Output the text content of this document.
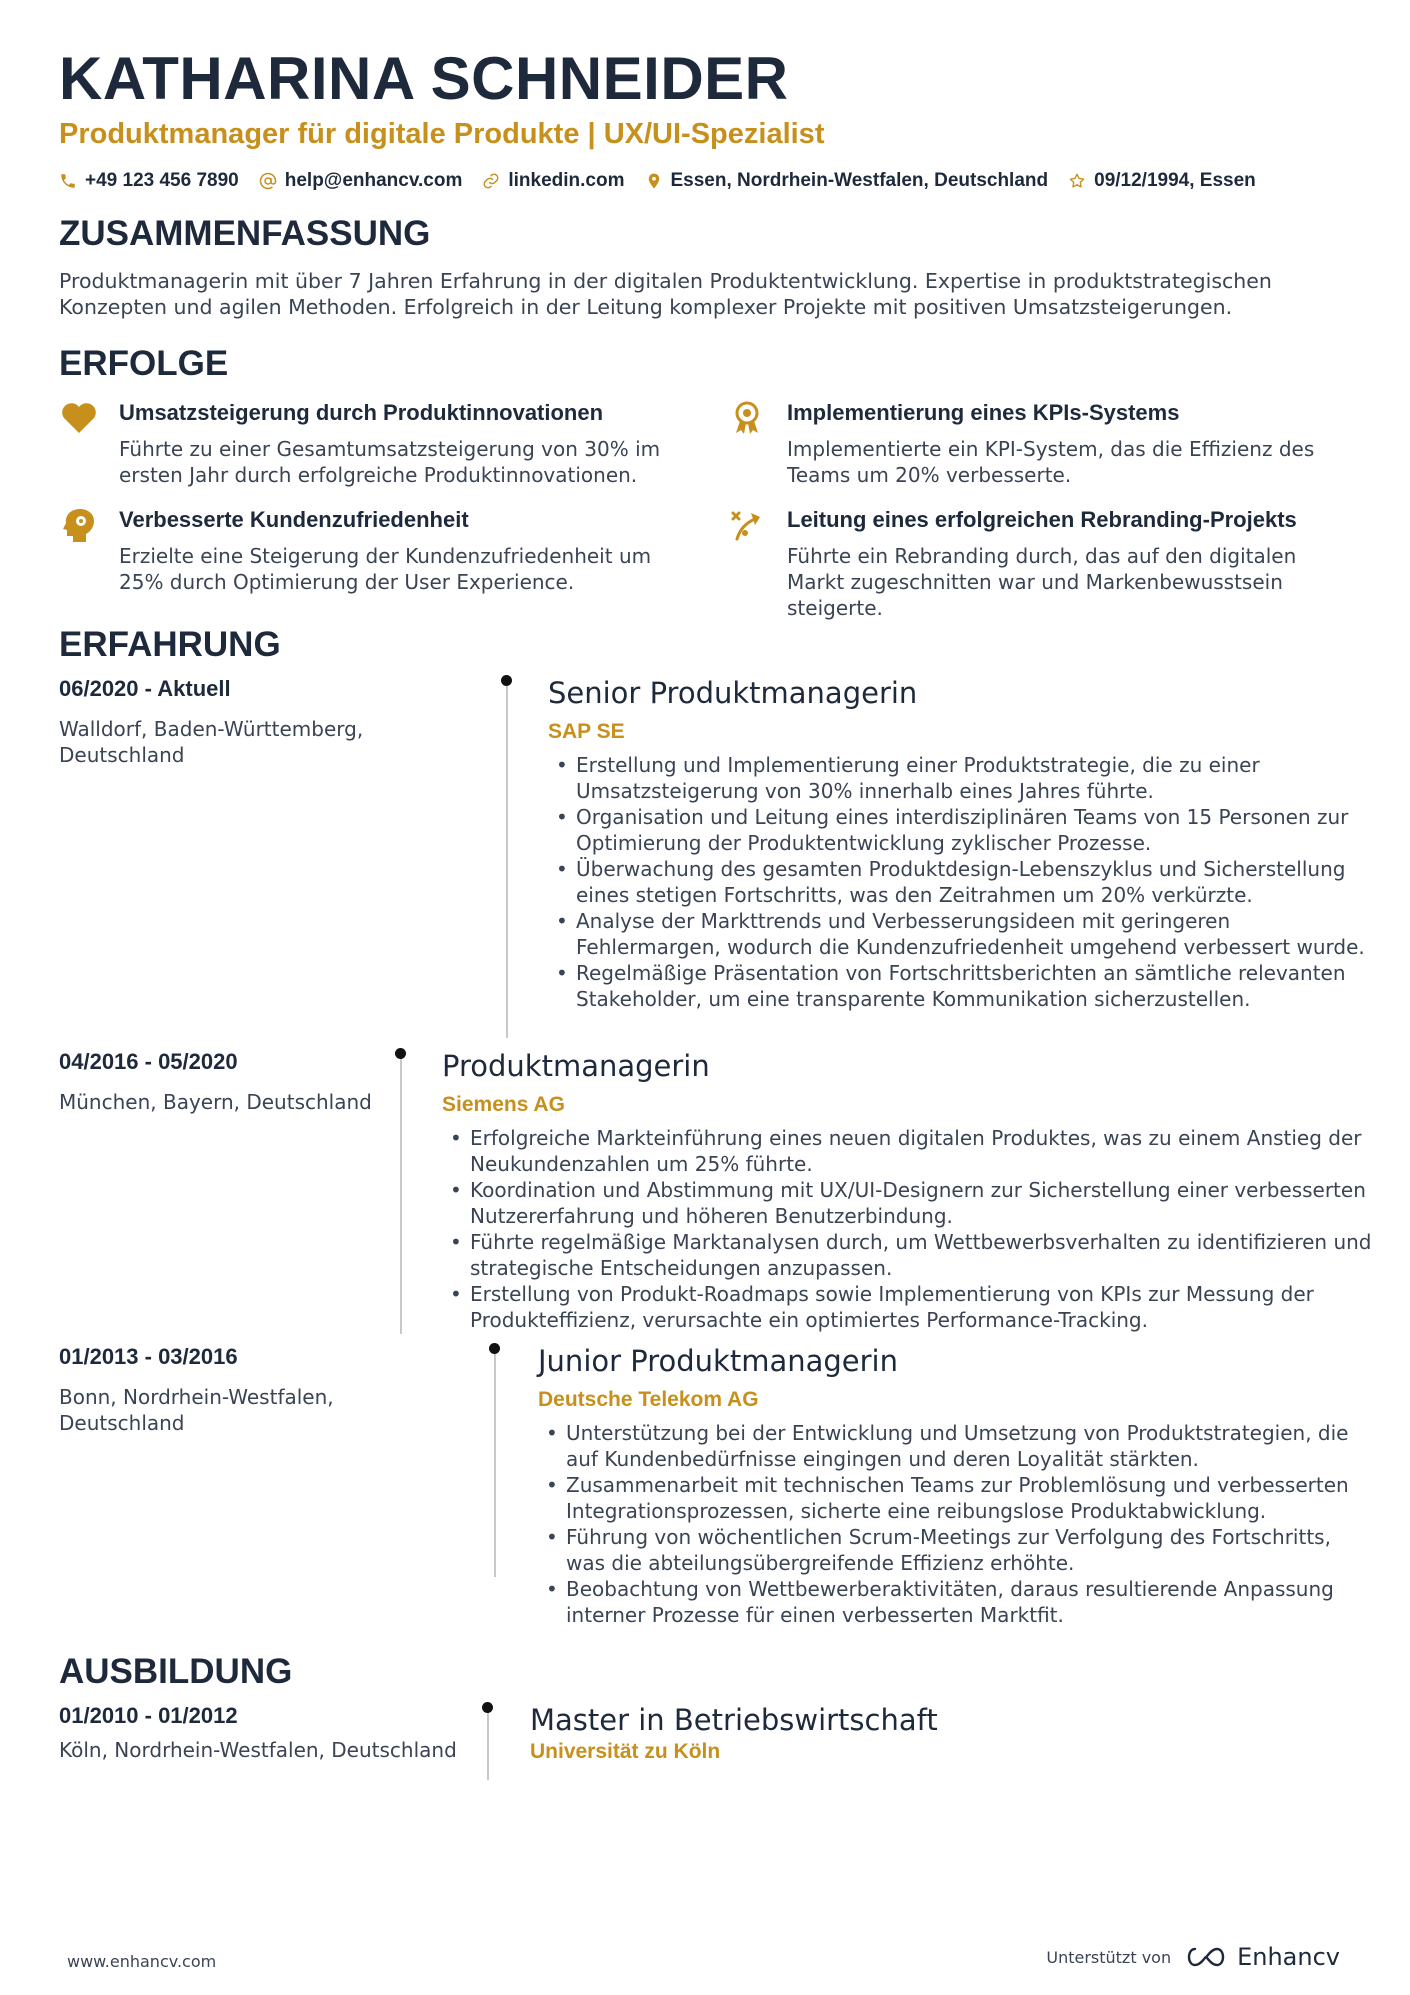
KATHARINA SCHNEIDER
Produktmanager für digitale Produkte | UX/UI-Spezialist
+49 123 456 7890 help@enhancv.com linkedin.com Essen, Nordrhein-Westfalen, Deutschland 09/12/1994, Essen
ZUSAMMENFASSUNG
Produktmanagerin mit über 7 Jahren Erfahrung in der digitalen Produktentwicklung. Expertise in produktstrategischen Konzepten und agilen Methoden. Erfolgreich in der Leitung komplexer Projekte mit positiven Umsatzsteigerungen.
ERFOLGE
Umsatzsteigerung durch Produktinnovationen
Führte zu einer Gesamtumsatzsteigerung von 30% im ersten Jahr durch erfolgreiche Produktinnovationen.
Implementierung eines KPIs-Systems
Implementierte ein KPI-System, das die Effizienz des Teams um 20% verbesserte.
Verbesserte Kundenzufriedenheit
Erzielte eine Steigerung der Kundenzufriedenheit um 25% durch Optimierung der User Experience.
Leitung eines erfolgreichen Rebranding-Projekts
Führte ein Rebranding durch, das auf den digitalen Markt zugeschnitten war und Markenbewusstsein steigerte.
ERFAHRUNG
06/2020 - Aktuell
Walldorf, Baden-Württemberg, Deutschland
Senior Produktmanagerin
SAP SE
• Erstellung und Implementierung einer Produktstrategie, die zu einer Umsatzsteigerung von 30% innerhalb eines Jahres führte.
• Organisation und Leitung eines interdisziplinären Teams von 15 Personen zur Optimierung der Produktentwicklung zyklischer Prozesse.
• Überwachung des gesamten Produktdesign-Lebenszyklus und Sicherstellung eines stetigen Fortschritts, was den Zeitrahmen um 20% verkürzte.
• Analyse der Markttrends und Verbesserungsideen mit geringeren Fehlermargen, wodurch die Kundenzufriedenheit umgehend verbessert wurde.
• Regelmäßige Präsentation von Fortschrittsberichten an sämtliche relevanten Stakeholder, um eine transparente Kommunikation sicherzustellen.
04/2016 - 05/2020
München, Bayern, Deutschland
Produktmanagerin
Siemens AG
• Erfolgreiche Markteinführung eines neuen digitalen Produktes, was zu einem Anstieg der Neukundenzahlen um 25% führte.
• Koordination und Abstimmung mit UX/UI-Designern zur Sicherstellung einer verbesserten Nutzererfahrung und höheren Benutzerbindung.
• Führte regelmäßige Marktanalysen durch, um Wettbewerbsverhalten zu identifizieren und strategische Entscheidungen anzupassen.
• Erstellung von Produkt-Roadmaps sowie Implementierung von KPIs zur Messung der Produkteffizienz, verursachte ein optimiertes Performance-Tracking.
01/2013 - 03/2016
Bonn, Nordrhein-Westfalen, Deutschland
Junior Produktmanagerin
Deutsche Telekom AG
• Unterstützung bei der Entwicklung und Umsetzung von Produktstrategien, die auf Kundenbedürfnisse eingingen und deren Loyalität stärkten.
• Zusammenarbeit mit technischen Teams zur Problemlösung und verbesserten Integrationsprozessen, sicherte eine reibungslose Produktabwicklung.
• Führung von wöchentlichen Scrum-Meetings zur Verfolgung des Fortschritts, was die abteilungsübergreifende Effizienz erhöhte.
• Beobachtung von Wettbewerberaktivitäten, daraus resultierende Anpassung interner Prozesse für einen verbesserten Marktfit.
AUSBILDUNG
01/2010 - 01/2012
Köln, Nordrhein-Westfalen, Deutschland
Master in Betriebswirtschaft
Universität zu Köln
www.enhancv.com	Unterstützt von	Enhancv
